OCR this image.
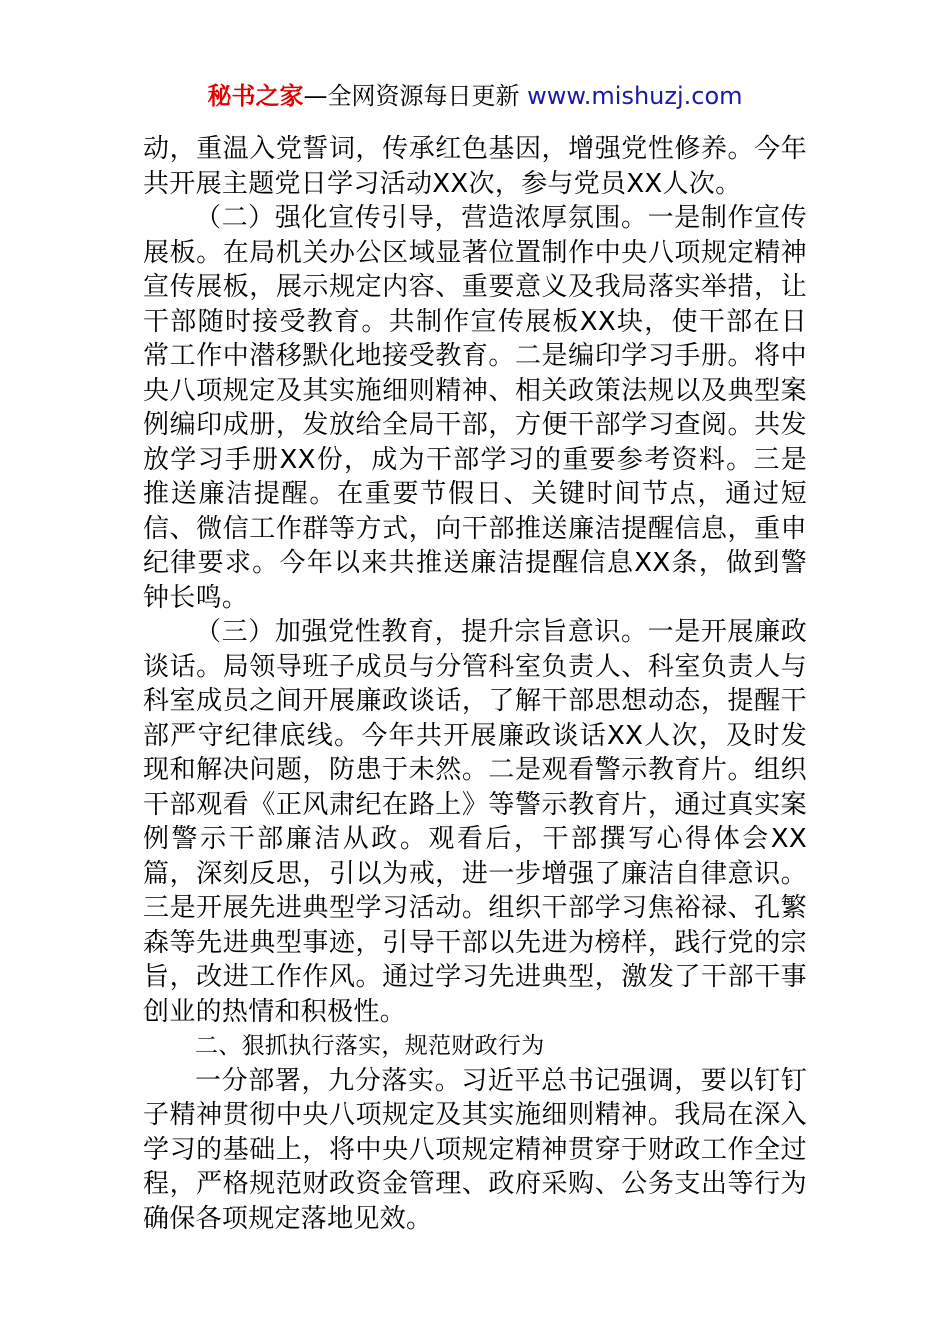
秘书之家—全网资源每日更新 www.mishuzj.com

动，重温入党誓词，传承红色基因，增强党性修养。今年共开展主题党日学习活动XX次，参与党员XX人次。

（二）强化宣传引导，营造浓厚氛围。一是制作宣传展板。在局机关办公区域显著位置制作中央八项规定精神宣传展板，展示规定内容、重要意义及我局落实举措，让干部随时接受教育。共制作宣传展板XX块，使干部在日常工作中潜移默化地接受教育。二是编印学习手册。将中央八项规定及其实施细则精神、相关政策法规以及典型案例编印成册，发放给全局干部，方便干部学习查阅。共发放学习手册XX份，成为干部学习的重要参考资料。三是推送廉洁提醒。在重要节假日、关键时间节点，通过短信、微信工作群等方式，向干部推送廉洁提醒信息，重申纪律要求。今年以来共推送廉洁提醒信息XX条，做到警钟长鸣。

（三）加强党性教育，提升宗旨意识。一是开展廉政谈话。局领导班子成员与分管科室负责人、科室负责人与科室成员之间开展廉政谈话，了解干部思想动态，提醒干部严守纪律底线。今年共开展廉政谈话XX人次，及时发现和解决问题，防患于未然。二是观看警示教育片。组织干部观看《正风肃纪在路上》等警示教育片，通过真实案例警示干部廉洁从政。观看后，干部撰写心得体会XX篇，深刻反思，引以为戒，进一步增强了廉洁自律意识。三是开展先进典型学习活动。组织干部学习焦裕禄、孔繁森等先进典型事迹，引导干部以先进为榜样，践行党的宗旨，改进工作作风。通过学习先进典型，激发了干部干事创业的热情和积极性。

二、狠抓执行落实，规范财政行为

一分部署，九分落实。习近平总书记强调，要以钉钉子精神贯彻中央八项规定及其实施细则精神。我局在深入学习的基础上，将中央八项规定精神贯穿于财政工作全过程，严格规范财政资金管理、政府采购、公务支出等行为确保各项规定落地见效。
